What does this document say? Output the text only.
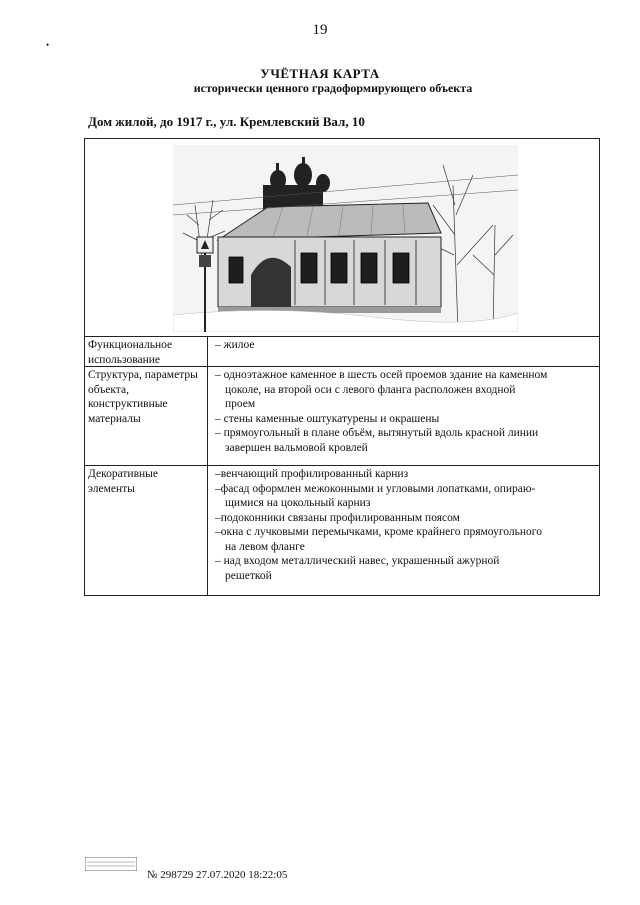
19
•
УЧЁТНАЯ КАРТА
исторически ценного градоформирующего объекта
Дом жилой, до 1917 г., ул. Кремлевский Вал, 10
Функциональное использование
– жилое
Структура, параметры объекта, конструктивные материалы
– одноэтажное каменное в шесть осей проемов здание на каменном
цоколе, на второй оси с левого фланга расположен входной
проем
– стены каменные оштукатурены и окрашены
– прямоугольный в плане объём, вытянутый вдоль красной линии
завершен вальмовой кровлей
Декоративные элементы
–венчающий профилированный карниз
–фасад оформлен межоконными и угловыми лопатками, опираю-
щимися на цокольный карниз
–подоконники связаны профилированным поясом
–окна с лучковыми перемычками, кроме крайнего прямоугольного
на левом фланге
– над входом металлический навес, украшенный ажурной
решеткой
№ 298729 27.07.2020 18:22:05
